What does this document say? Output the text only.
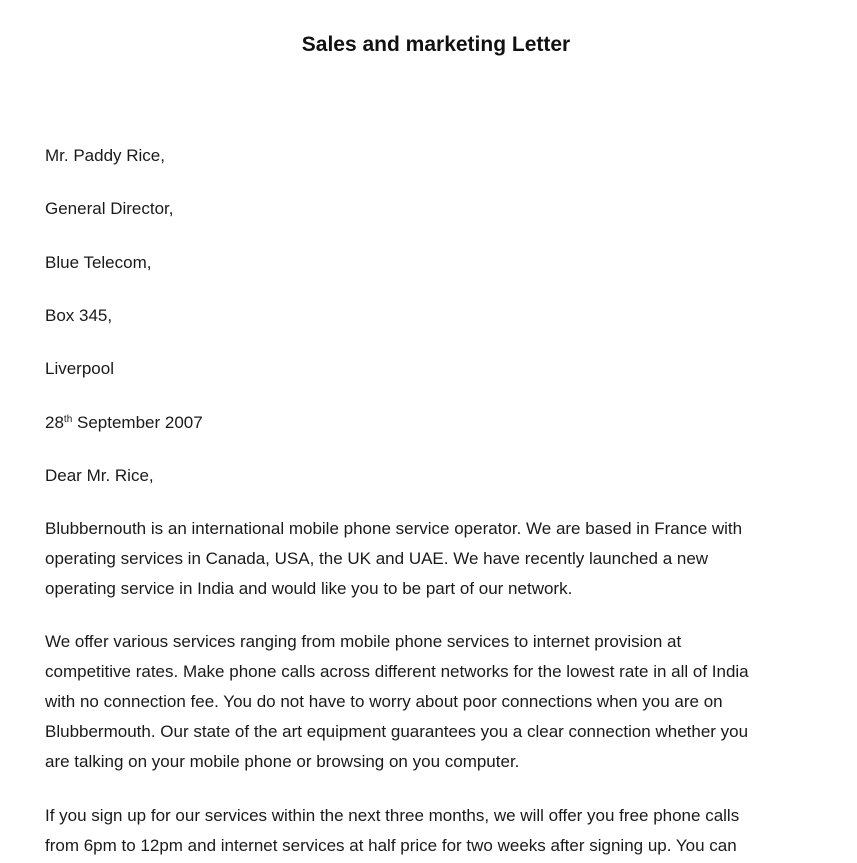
Sales and marketing Letter
Mr. Paddy Rice,
General Director,
Blue Telecom,
Box 345,
Liverpool
28th September 2007
Dear Mr. Rice,
Blubbernouth is an international mobile phone service operator. We are based in France with
operating services in Canada, USA, the UK and UAE. We have recently launched a new
operating service in India and would like you to be part of our network.
We offer various services ranging from mobile phone services to internet provision at
competitive rates. Make phone calls across different networks for the lowest rate in all of India
with no connection fee. You do not have to worry about poor connections when you are on
Blubbermouth. Our state of the art equipment guarantees you a clear connection whether you
are talking on your mobile phone or browsing on you computer.
If you sign up for our services within the next three months, we will offer you free phone calls
from 6pm to 12pm and internet services at half price for two weeks after signing up. You can
